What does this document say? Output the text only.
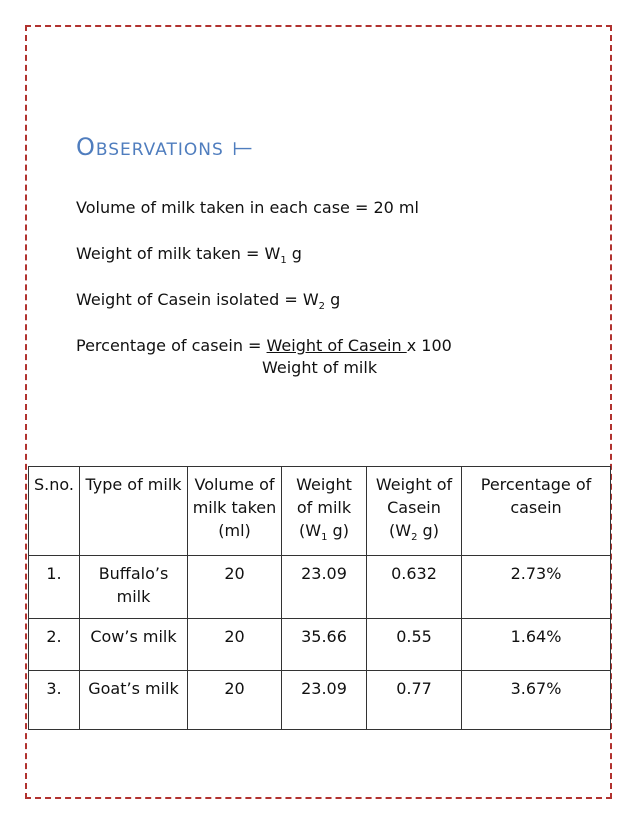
Observations ⟝
Volume of milk taken in each case = 20 ml
Weight of milk taken = $W_1$ g
Weight of Casein isolated = $W_2$ g
Percentage of casein = Weight of Casein x 100
Weight of milk
S.no.	Type of milk	Volume of milk taken (ml)	Weight of milk ($W_1$ g)	Weight of Casein ($W_2$ g)	Percentage of casein
1.	Buffalo’s milk	20	23.09	0.632	2.73%
2.	Cow’s milk	20	35.66	0.55	1.64%
3.	Goat’s milk	20	23.09	0.77	3.67%
